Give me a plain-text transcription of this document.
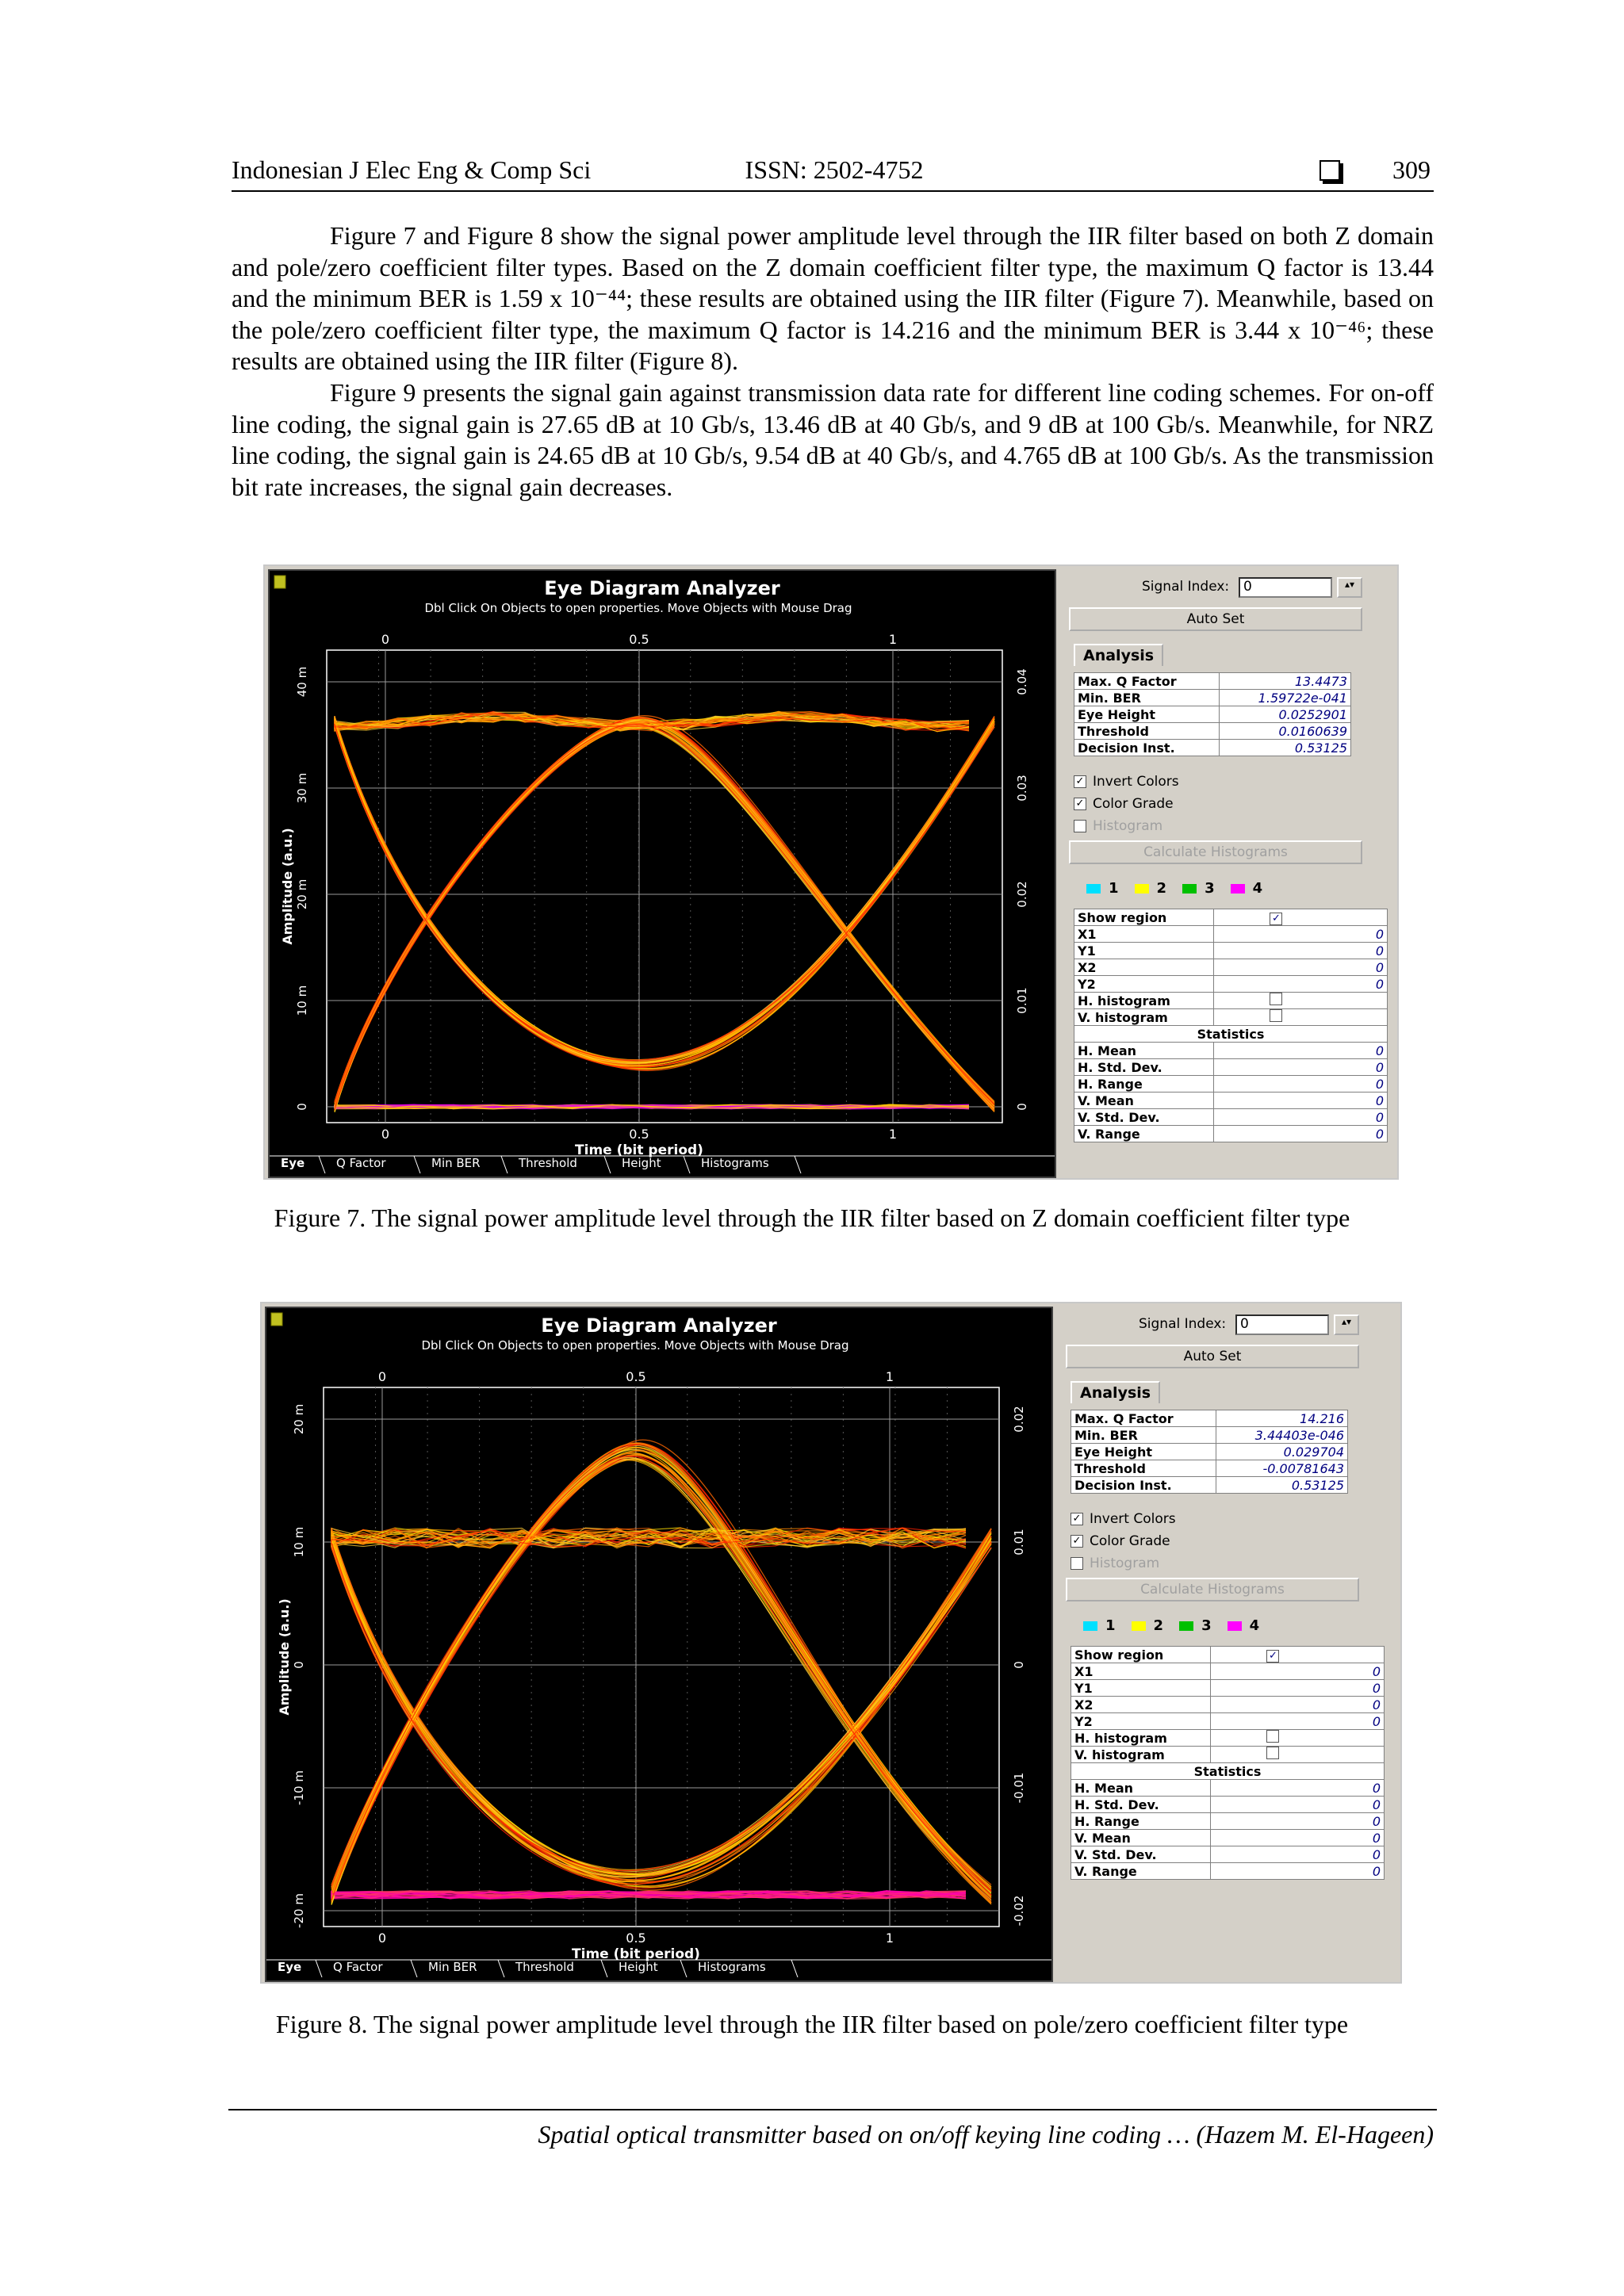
Indonesian J Elec Eng & Comp Sci	ISSN: 2502-4752	309

Figure 7 and Figure 8 show the signal power amplitude level through the IIR filter based on both Z domain and pole/zero coefficient filter types. Based on the Z domain coefficient filter type, the maximum Q factor is 13.44 and the minimum BER is 1.59 x 10⁻⁴⁴; these results are obtained using the IIR filter (Figure 7). Meanwhile, based on the pole/zero coefficient filter type, the maximum Q factor is 14.216 and the minimum BER is 3.44 x 10⁻⁴⁶; these results are obtained using the IIR filter (Figure 8).

Figure 9 presents the signal gain against transmission data rate for different line coding schemes. For on-off line coding, the signal gain is 27.65 dB at 10 Gb/s, 13.46 dB at 40 Gb/s, and 9 dB at 100 Gb/s. Meanwhile, for NRZ line coding, the signal gain is 24.65 dB at 10 Gb/s, 9.54 dB at 40 Gb/s, and 4.765 dB at 100 Gb/s. As the transmission bit rate increases, the signal gain decreases.

Eye Diagram Analyzer
Dbl Click On Objects to open properties. Move Objects with Mouse Drag
0
0
0.5
0.5
1
1
40 m	0.04
30 m	0.03
20 m	0.02
10 m	0.01
0	0
Amplitude (a.u.)
Time (bit period)
Eye	Q Factor	Min BER	Threshold	Height	Histograms
Signal Index:	0	▴▾
Auto Set
Analysis
Max. Q Factor	13.4473
Min. BER	1.59722e-041
Eye Height	0.0252901
Threshold	0.0160639
Decision Inst.	0.53125
✓ Invert Colors
✓ Color Grade
Histogram
Calculate Histograms
1	2	3	4
Show region	✓
X1	0
Y1	0
X2	0
Y2	0
H. histogram	
V. histogram	
Statistics	
H. Mean	0
H. Std. Dev.	0
H. Range	0
V. Mean	0
V. Std. Dev.	0
V. Range	0
Figure 7. The signal power amplitude level through the IIR filter based on Z domain coefficient filter type
Eye Diagram Analyzer
Dbl Click On Objects to open properties. Move Objects with Mouse Drag
0
0
0.5
0.5
1
1
20 m	0.02
10 m	0.01
0	0
-10 m	-0.01
-20 m	-0.02
Amplitude (a.u.)
Time (bit period)
Eye	Q Factor	Min BER	Threshold	Height	Histograms
Signal Index:	0	▴▾
Auto Set
Analysis
Max. Q Factor	14.216
Min. BER	3.44403e-046
Eye Height	0.029704
Threshold	-0.00781643
Decision Inst.	0.53125
✓ Invert Colors
✓ Color Grade
Histogram
Calculate Histograms
1	2	3	4
Show region	✓
X1	0
Y1	0
X2	0
Y2	0
H. histogram	
V. histogram	
Statistics	
H. Mean	0
H. Std. Dev.	0
H. Range	0
V. Mean	0
V. Std. Dev.	0
V. Range	0
Figure 8. The signal power amplitude level through the IIR filter based on pole/zero coefficient filter type
Spatial optical transmitter based on on/off keying line coding … (Hazem M. El-Hageen)
